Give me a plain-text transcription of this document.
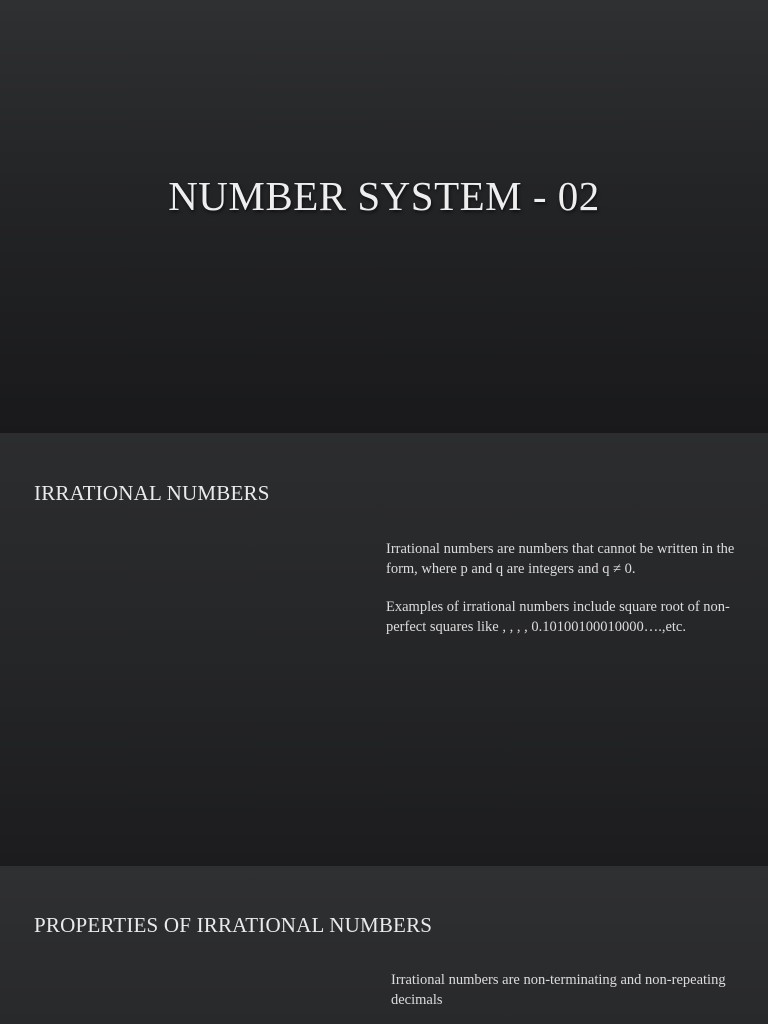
NUMBER SYSTEM - 02
IRRATIONAL NUMBERS

Irrational numbers are numbers that cannot be written in the form, where p and q are integers and q ≠ 0.

Examples of irrational numbers include square root of non-perfect squares like , , , , 0.10100100010000….,etc.

PROPERTIES OF IRRATIONAL NUMBERS

Irrational numbers are non-terminating and non-repeating decimals
